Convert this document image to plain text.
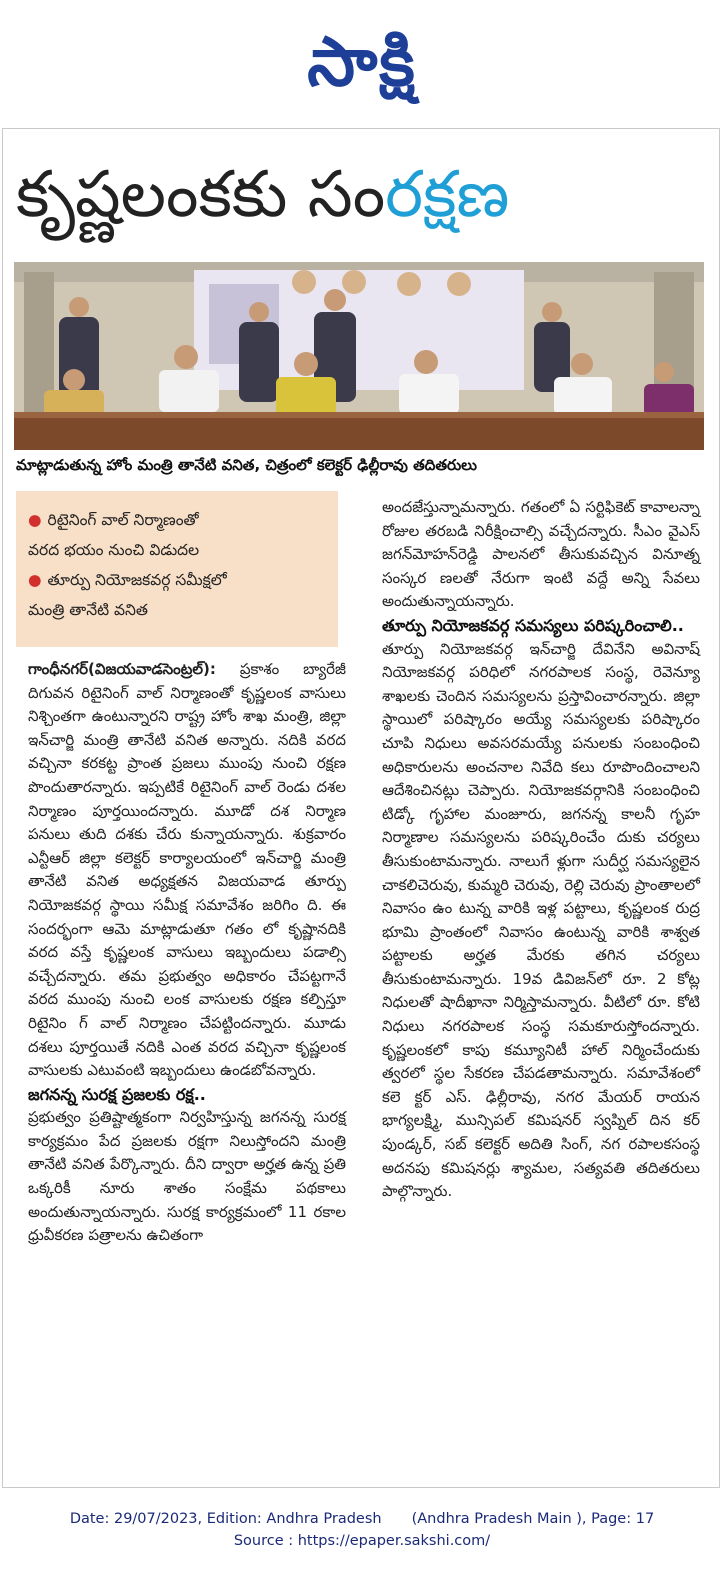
సాక్షి
కృష్ణలంకకు సంరక్షణ
మాట్లాడుతున్న హోం మంత్రి తానేటి వనిత, చిత్రంలో కలెక్టర్ ఢిల్లీరావు తదితరులు
● రిటైనింగ్ వాల్ నిర్మాణంతో
వరద భయం నుంచి విడుదల
● తూర్పు నియోజకవర్గ సమీక్షలో
మంత్రి తానేటి వనిత

గాంధీనగర్(విజయవాడసెంట్రల్): ప్రకాశం బ్యారేజీ దిగువన రిటైనింగ్ వాల్ నిర్మాణంతో కృష్ణలంక వాసులు నిశ్చింతగా ఉంటున్నారని రాష్ట్ర హోం శాఖ మంత్రి, జిల్లా ఇన్‌చార్జి మంత్రి తానేటి వనిత అన్నారు. నదికి వరద వచ్చినా కరకట్ట ప్రాంత ప్రజలు ముంపు నుంచి రక్షణ పొందుతారన్నారు. ఇప్పటికే రిటైనింగ్ వాల్ రెండు దశల నిర్మాణం పూర్తయిందన్నారు. మూడో దశ నిర్మాణ పనులు తుది దశకు చేరు కున్నాయన్నారు. శుక్రవారం ఎన్టీఆర్ జిల్లా కలెక్టర్ కార్యాలయంలో ఇన్‌చార్జి మంత్రి తానేటి వనిత అధ్యక్షతన విజయవాడ తూర్పు నియోజకవర్గ స్థాయి సమీక్ష సమావేశం జరిగిం ది. ఈ సందర్భంగా ఆమె మాట్లాడుతూ గతం లో కృష్ణానదికి వరద వస్తే కృష్ణలంక వాసులు ఇబ్బందులు పడాల్సి వచ్చేదన్నారు. తమ ప్రభుత్వం అధికారం చేపట్టగానే వరద ముంపు నుంచి లంక వాసులకు రక్షణ కల్పిస్తూ రిటైనిం గ్ వాల్ నిర్మాణం చేపట్టిందన్నారు. మూడు దశలు పూర్తయితే నదికి ఎంత వరద వచ్చినా కృష్ణలంక వాసులకు ఎటువంటి ఇబ్బందులు ఉండబోవన్నారు.

జగనన్న సురక్ష ప్రజలకు రక్ష..

ప్రభుత్వం ప్రతిష్టాత్మకంగా నిర్వహిస్తున్న జగనన్న సురక్ష కార్యక్రమం పేద ప్రజలకు రక్షగా నిలుస్తోందని మంత్రి తానేటి వనిత పేర్కొన్నారు. దీని ద్వారా అర్హత ఉన్న ప్రతి ఒక్కరికీ నూరు శాతం సంక్షేమ పథకాలు అందుతున్నాయన్నారు. సురక్ష కార్యక్రమంలో 11 రకాల ధ్రువీకరణ పత్రాలను ఉచితంగా

అందజేస్తున్నామన్నారు. గతంలో ఏ సర్టిఫికెట్ కావాలన్నా రోజుల తరబడి నిరీక్షించాల్సి వచ్చేదన్నారు. సీఎం వైఎస్ జగన్‌మోహన్‌రెడ్డి పాలనలో తీసుకువచ్చిన వినూత్న సంస్కర ణలతో నేరుగా ఇంటి వద్దే అన్ని సేవలు అందుతున్నాయన్నారు.

తూర్పు నియోజకవర్గ సమస్యలు పరిష్కరించాలి..

తూర్పు నియోజకవర్గ ఇన్‌చార్జి దేవినేని అవినాష్ నియోజకవర్గ పరిధిలో నగరపాలక సంస్థ, రెవెన్యూ శాఖలకు చెందిన సమస్యలను ప్రస్తావించారన్నారు. జిల్లా స్థాయిలో పరిష్కారం అయ్యే సమస్యలకు పరిష్కారం చూపి నిధులు అవసరమయ్యే పనులకు సంబంధించి అధికారులను అంచనాల నివేది కలు రూపొందించాలని ఆదేశించినట్లు చెప్పారు. నియోజకవర్గానికి సంబంధించి టిడ్కో గృహాల మంజూరు, జగనన్న కాలనీ గృహ నిర్మాణాల సమస్యలను పరిష్కరించేం దుకు చర్యలు తీసుకుంటామన్నారు. నాలుగే ళ్లుగా సుదీర్ఘ సమస్యలైన చాకలిచెరువు, కుమ్మరి చెరువు, రెల్లి చెరువు ప్రాంతాలలో నివాసం ఉం టున్న వారికి ఇళ్ల పట్టాలు, కృష్ణలంక రుద్ర భూమి ప్రాంతంలో నివాసం ఉంటున్న వారికి శాశ్వత పట్టాలకు అర్హత మేరకు తగిన చర్యలు తీసుకుంటామన్నారు. 19వ డివిజన్‌లో రూ. 2 కోట్ల నిధులతో షాదీఖానా నిర్మిస్తామన్నారు. వీటిలో రూ. కోటి నిధులు నగరపాలక సంస్థ సమకూరుస్తోందన్నారు. కృష్ణలంకలో కాపు కమ్యూనిటీ హాల్ నిర్మించేందుకు త్వరలో స్థల సేకరణ చేపడతామన్నారు. సమావేశంలో కలె క్టర్ ఎస్. ఢిల్లీరావు, నగర మేయర్ రాయన భాగ్యలక్ష్మి, మున్సిపల్ కమిషనర్ స్వప్నిల్ దిన కర్ పుండ్కర్, సబ్ కలెక్టర్ అదితి సింగ్, నగ రపాలకసంస్థ అదనపు కమిషనర్లు శ్యామల, సత్యవతి తదితరులు పాల్గొన్నారు.

Date: 29/07/2023, Edition: Andhra Pradesh (Andhra Pradesh Main ), Page: 17
Source : https://epaper.sakshi.com/
